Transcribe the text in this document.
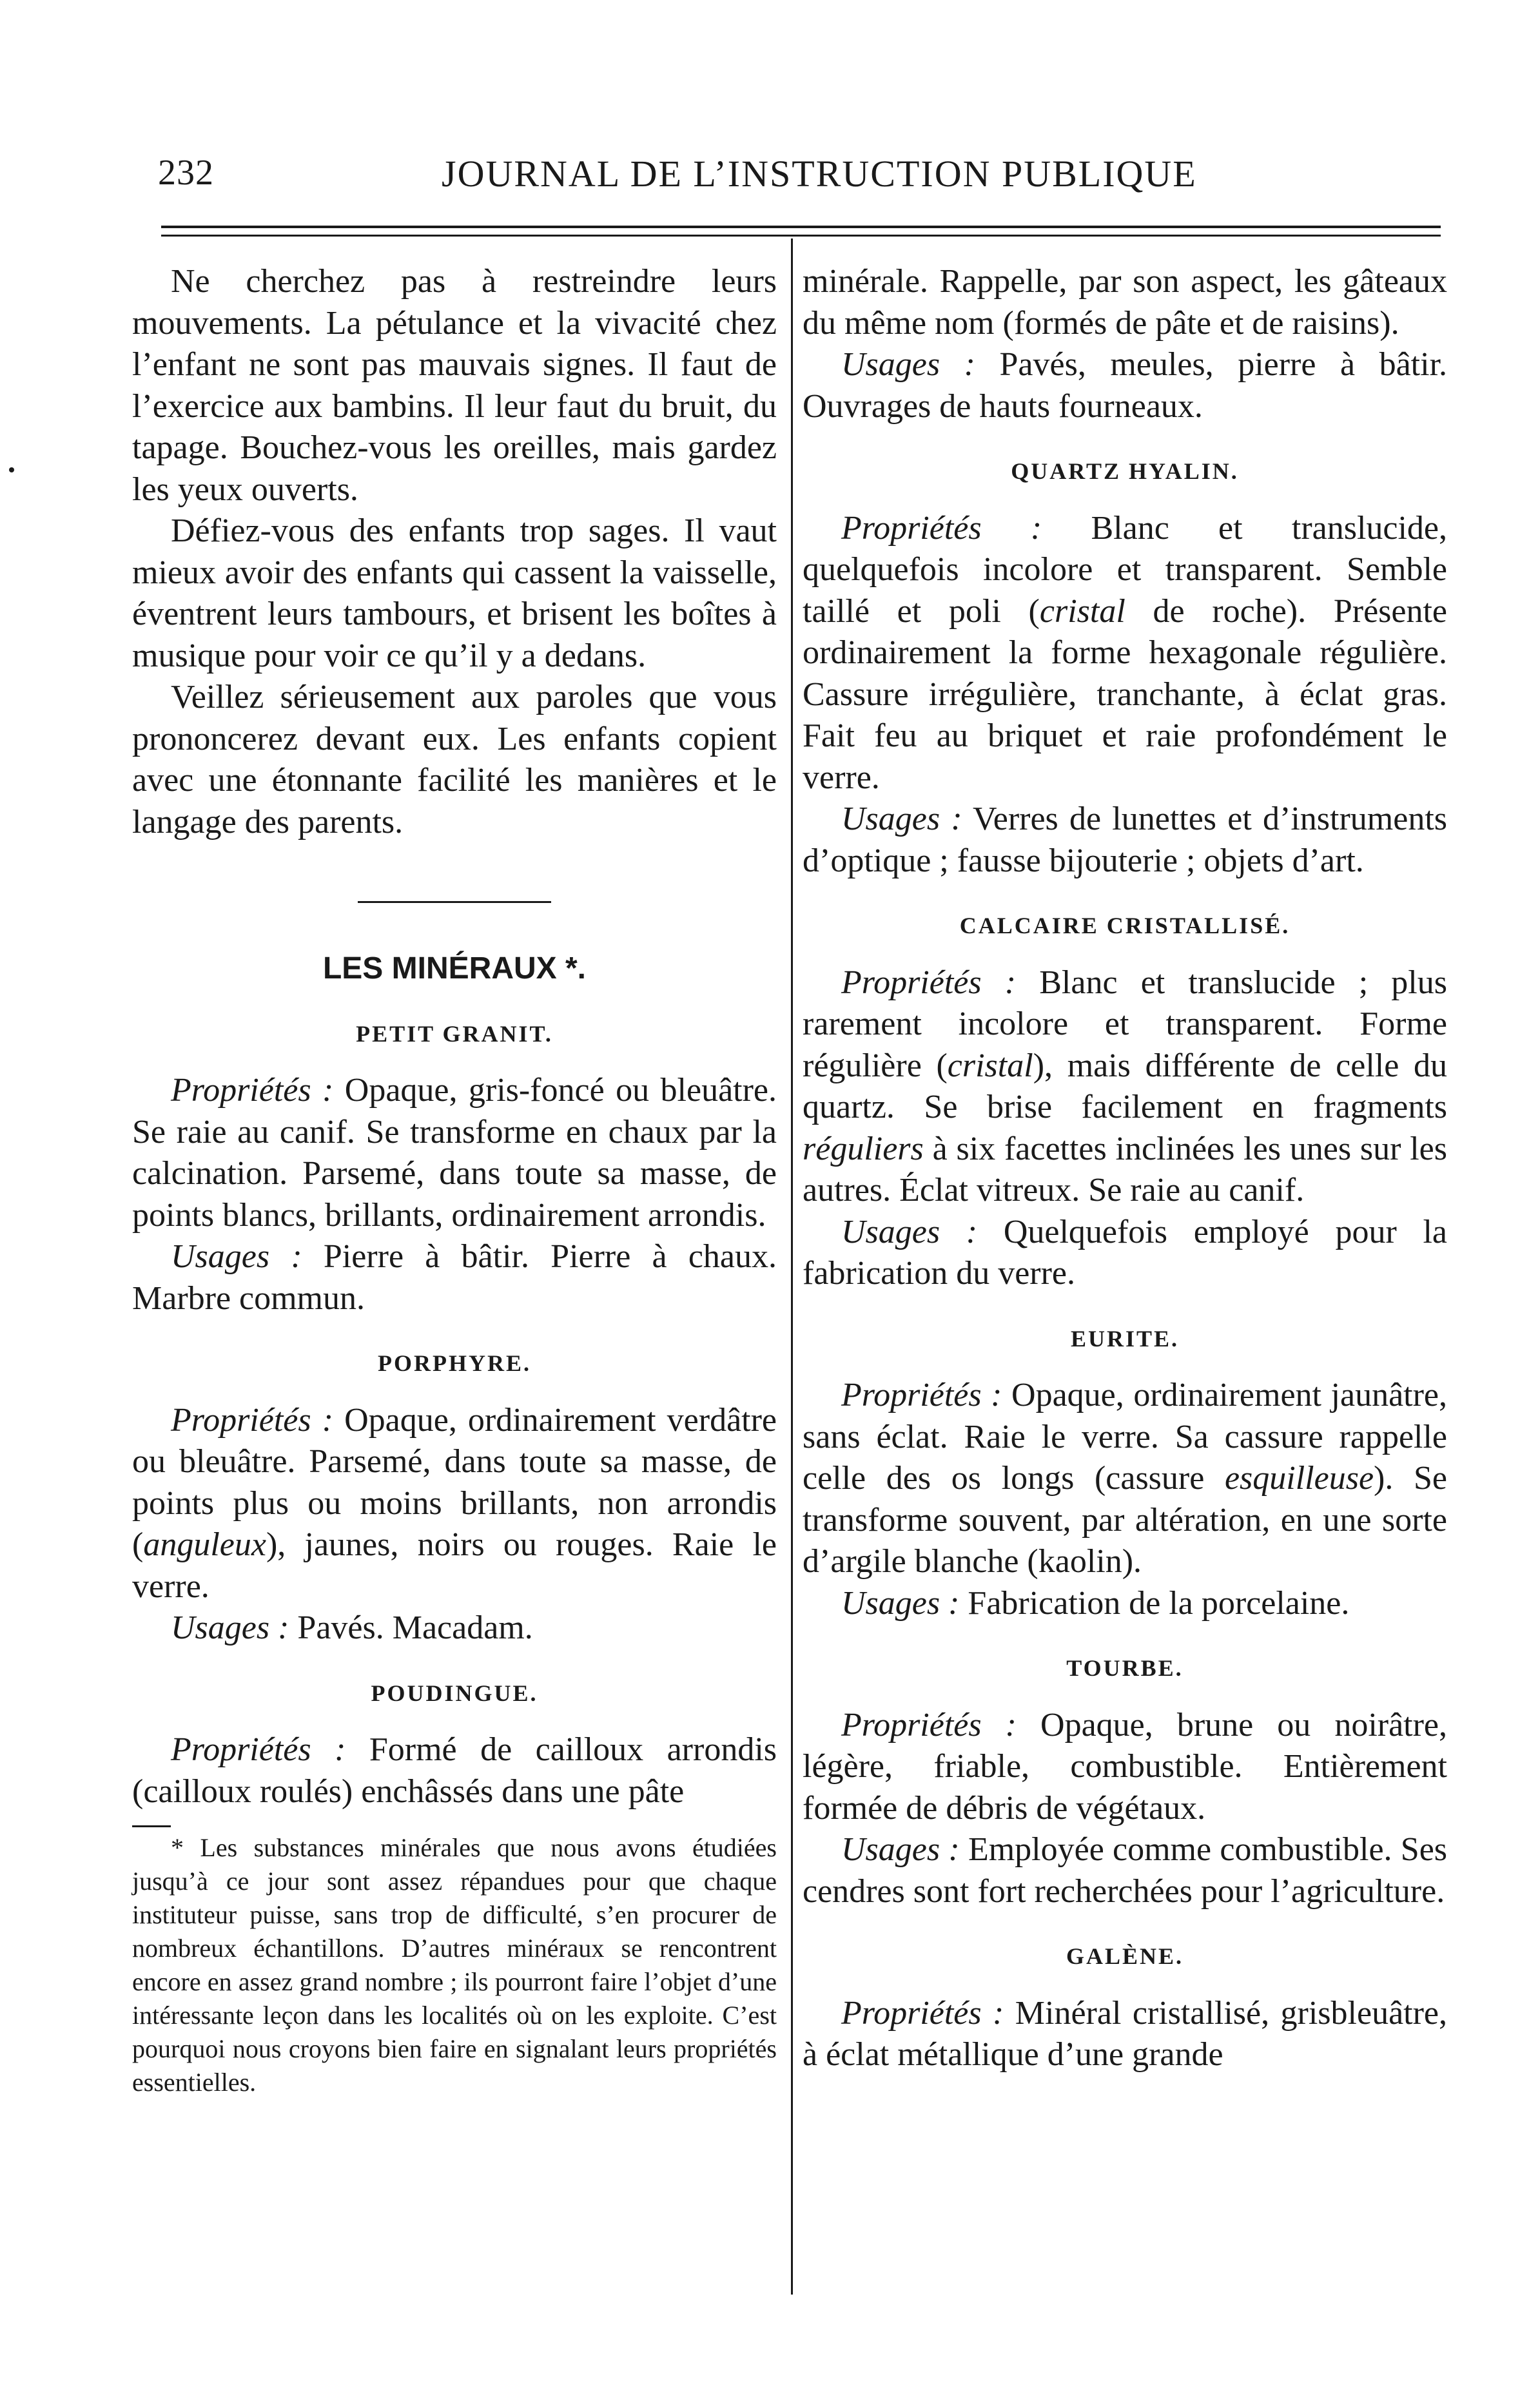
232	JOURNAL DE L’INSTRUCTION PUBLIQUE

Ne cherchez pas à restreindre leurs mouvements. La pétulance et la vivacité chez l’enfant ne sont pas mauvais signes. Il faut de l’exercice aux bambins. Il leur faut du bruit, du tapage. Bouchez-vous les oreilles, mais gardez les yeux ouverts.

Défiez-vous des enfants trop sages. Il vaut mieux avoir des enfants qui cassent la vaisselle, éventrent leurs tambours, et brisent les boîtes à musique pour voir ce qu’il y a dedans.

Veillez sérieusement aux paroles que vous prononcerez devant eux. Les enfants copient avec une étonnante facilité les manières et le langage des parents.

LES MINÉRAUX *.
PETIT GRANIT.

Propriétés : Opaque, gris-foncé ou bleuâtre. Se raie au canif. Se transforme en chaux par la calcination. Parsemé, dans toute sa masse, de points blancs, brillants, ordinairement arrondis.

Usages : Pierre à bâtir. Pierre à chaux. Marbre commun.

PORPHYRE.

Propriétés : Opaque, ordinairement verdâtre ou bleuâtre. Parsemé, dans toute sa masse, de points plus ou moins brillants, non arrondis (anguleux), jaunes, noirs ou rouges. Raie le verre.

Usages : Pavés. Macadam.

POUDINGUE.

Propriétés : Formé de cailloux arrondis (cailloux roulés) enchâssés dans une pâte

* Les substances minérales que nous avons étudiées jusqu’à ce jour sont assez répandues pour que chaque instituteur puisse, sans trop de difficulté, s’en procurer de nombreux échantillons. D’autres minéraux se rencontrent encore en assez grand nombre ; ils pourront faire l’objet d’une intéressante leçon dans les localités où on les exploite. C’est pourquoi nous croyons bien faire en signalant leurs propriétés essentielles.

minérale. Rappelle, par son aspect, les gâteaux du même nom (formés de pâte et de raisins).

Usages : Pavés, meules, pierre à bâtir. Ouvrages de hauts fourneaux.

QUARTZ HYALIN.

Propriétés : Blanc et translucide, quelquefois incolore et transparent. Semble taillé et poli (cristal de roche). Présente ordinairement la forme hexagonale régulière. Cassure irrégulière, tranchante, à éclat gras. Fait feu au briquet et raie profondément le verre.

Usages : Verres de lunettes et d’instruments d’optique ; fausse bijouterie ; objets d’art.

CALCAIRE CRISTALLISÉ.

Propriétés : Blanc et translucide ; plus rarement incolore et transparent. Forme régulière (cristal), mais différente de celle du quartz. Se brise facilement en fragments réguliers à six facettes inclinées les unes sur les autres. Éclat vitreux. Se raie au canif.

Usages : Quelquefois employé pour la fabrication du verre.

EURITE.

Propriétés : Opaque, ordinairement jaunâtre, sans éclat. Raie le verre. Sa cassure rappelle celle des os longs (cassure esquilleuse). Se transforme souvent, par altération, en une sorte d’argile blanche (kaolin).

Usages : Fabrication de la porcelaine.

TOURBE.

Propriétés : Opaque, brune ou noirâtre, légère, friable, combustible. Entièrement formée de débris de végétaux.

Usages : Employée comme combustible. Ses cendres sont fort recherchées pour l’agriculture.

GALÈNE.

Propriétés : Minéral cristallisé, grisbleuâtre, à éclat métallique d’une grande
